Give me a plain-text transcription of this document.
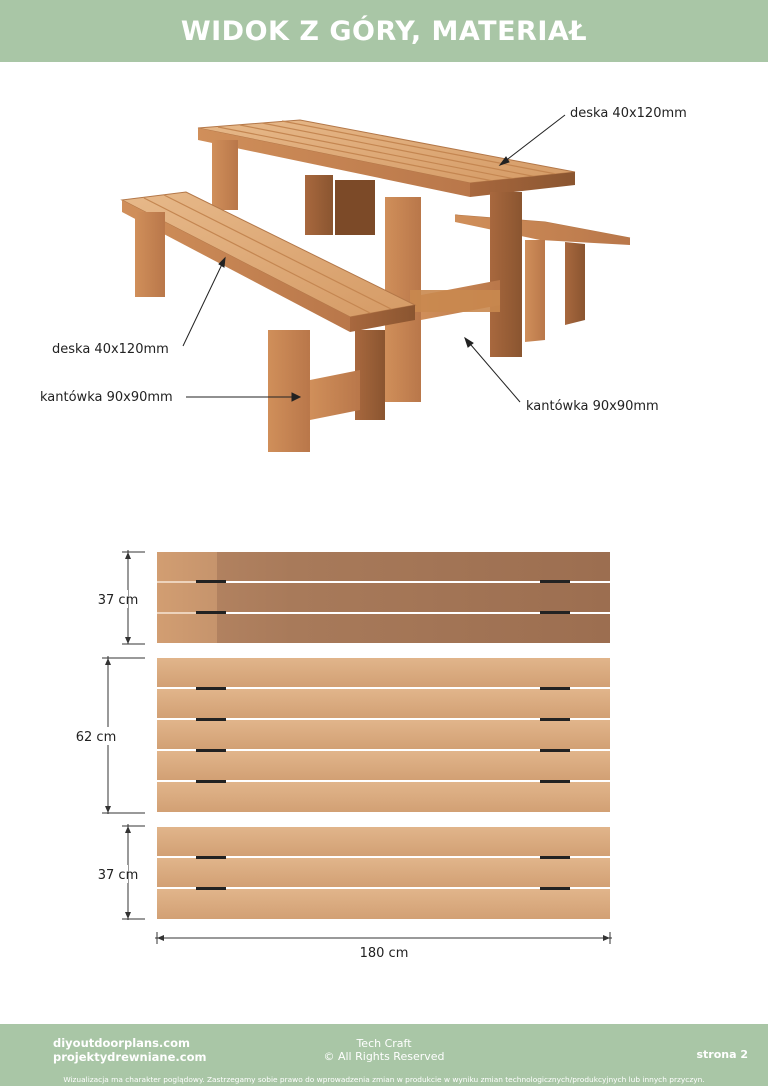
WIDOK Z GÓRY, MATERIAŁ
deska 40x120mm
deska 40x120mm
kantówka 90x90mm
kantówka 90x90mm
37 cm
62 cm
37 cm
180 cm
diyoutdoorplans.com
projektydrewniane.com
Tech Craft
© All Rights Reserved	strona 2
Wizualizacja ma charakter poglądowy. Zastrzegamy sobie prawo do wprowadzenia zmian w produkcie w wyniku zmian technologicznych/produkcyjnych lub innych przyczyn.
